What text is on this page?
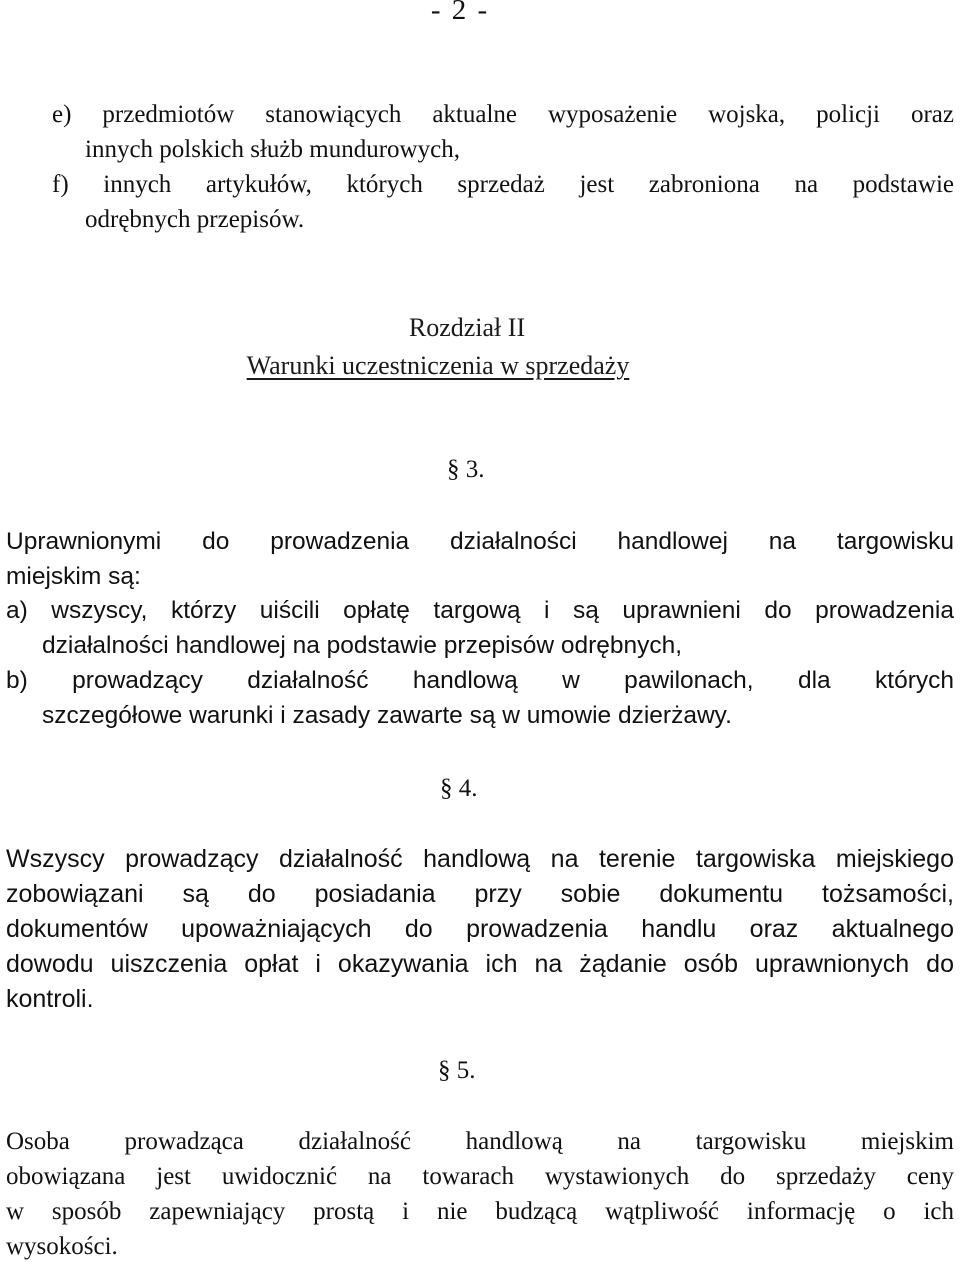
- 2 -
e) przedmiotów stanowiących aktualne wyposażenie wojska, policji oraz
innych polskich służb mundurowych,
f) innych artykułów, których sprzedaż jest zabroniona na podstawie
odrębnych przepisów.
Rozdział II
Warunki uczestniczenia w sprzedaży
§ 3.
Uprawnionymi do prowadzenia działalności handlowej na targowisku
miejskim są:
a) wszyscy, którzy uiścili opłatę targową i są uprawnieni do prowadzenia
działalności handlowej na podstawie przepisów odrębnych,
b) prowadzący działalność handlową w pawilonach, dla których
szczegółowe warunki i zasady zawarte są w umowie dzierżawy.
§ 4.
Wszyscy prowadzący działalność handlową na terenie targowiska miejskiego
zobowiązani są do posiadania przy sobie dokumentu tożsamości,
dokumentów upoważniających do prowadzenia handlu oraz aktualnego
dowodu uiszczenia opłat i okazywania ich na żądanie osób uprawnionych do
kontroli.
§ 5.
Osoba prowadząca działalność handlową na targowisku miejskim
obowiązana jest uwidocznić na towarach wystawionych do sprzedaży ceny
w sposób zapewniający prostą i nie budzącą wątpliwość informację o ich
wysokości.
